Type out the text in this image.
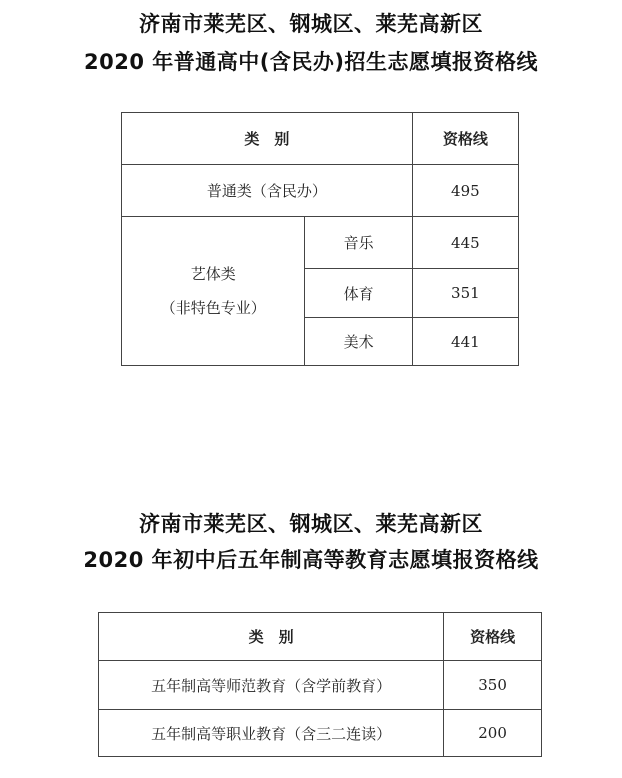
济南市莱芜区、钢城区、莱芜高新区
2020 年普通高中(含民办)招生志愿填报资格线
类　别		资格线
普通类（含民办）		495

艺体类
（非特色专业）	音乐	445
	体育	351
	美术	441
济南市莱芜区、钢城区、莱芜高新区
2020 年初中后五年制高等教育志愿填报资格线
类　别	资格线
五年制高等师范教育（含学前教育）	350
五年制高等职业教育（含三二连读）	200
